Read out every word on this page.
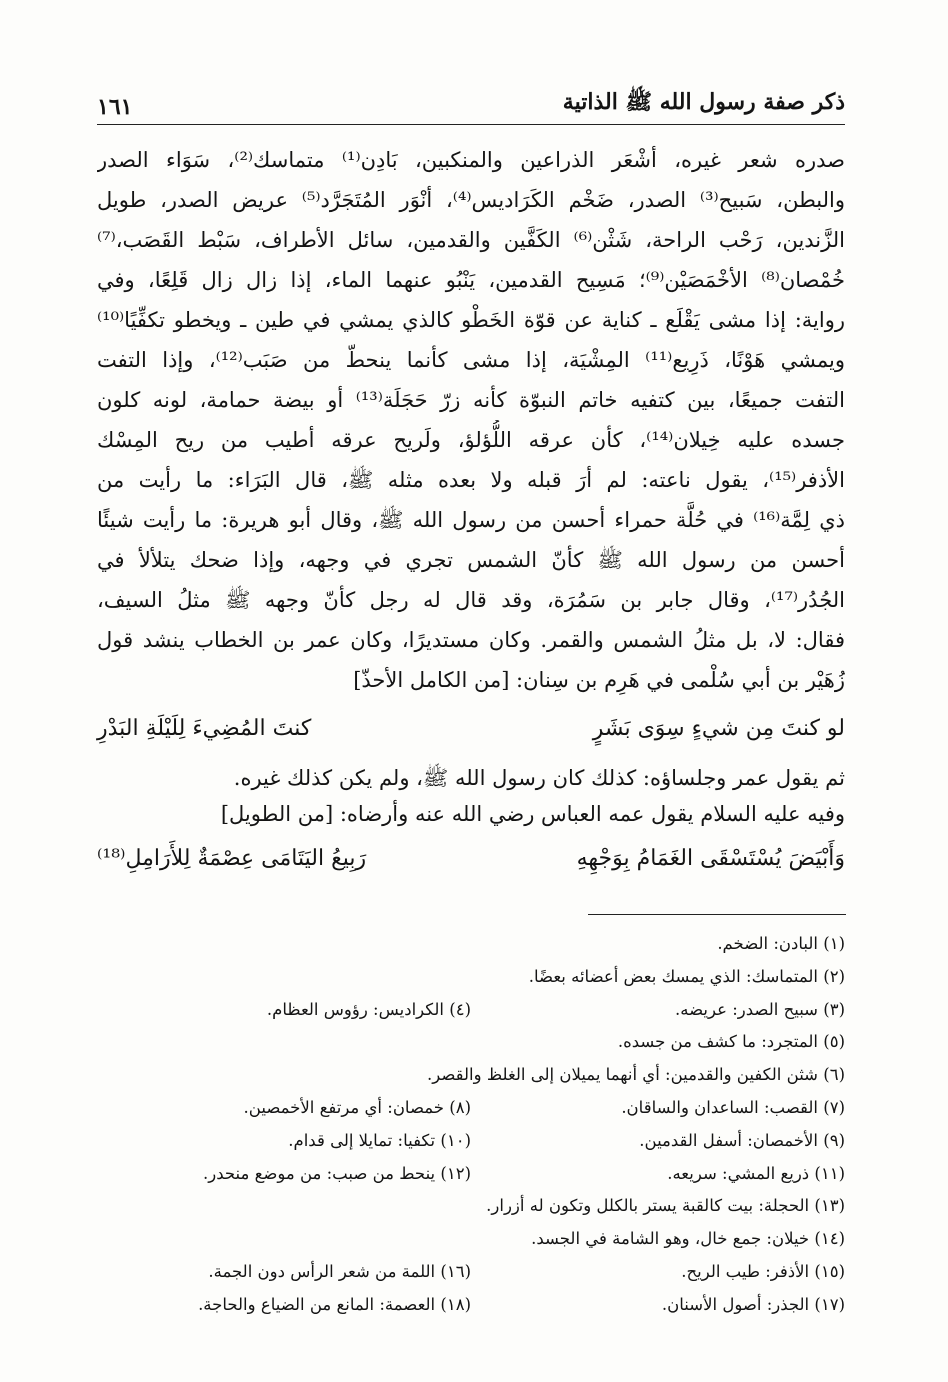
ذكر صفة رسول الله ﷺ الذاتية
١٦١
صدره شعر غيره، أشْعَر الذراعين والمنكبين، بَادِن⁽¹⁾ متماسك⁽²⁾، سَوَاء الصدر
والبطن، سَبيح⁽³⁾ الصدر، ضَخْم الكَرَاديس⁽⁴⁾، أنْوَر المُتَجَرَّد⁽⁵⁾ عريض الصدر، طويل
الزَّندين، رَحْب الراحة، شَثْن⁽⁶⁾ الكَفَّين والقدمين، سائل الأطراف، سَبْط القَصَب،⁽⁷⁾
خُمْصان⁽⁸⁾ الأخْمَصَيْن⁽⁹⁾؛ مَسِيح القدمين، يَنْبُو عنهما الماء، إذا زال زال قَلِعًا، وفي
رواية: إذا مشى يَقْلَع ـ كناية عن قوّة الخَطْو كالذي يمشي في طين ـ ويخطو تكفِّيًا⁽¹⁰⁾
ويمشي هَوْنًا، ذَرِيع⁽¹¹⁾ المِشْيَة، إذا مشى كأنما ينحطّ من صَبَب⁽¹²⁾، وإذا التفت
التفت جميعًا، بين كتفيه خاتم النبوّة كأنه زرّ حَجَلَة⁽¹³⁾ أو بيضة حمامة، لونه كلون
جسده عليه خِيلان⁽¹⁴⁾، كأن عرقه اللُّؤلؤ، ولَريح عرقه أطيب من ريح المِسْك
الأذفر⁽¹⁵⁾، يقول ناعته: لم أرَ قبله ولا بعده مثله ﷺ، قال البَرَاء: ما رأيت من
ذي لِمَّة⁽¹⁶⁾ في حُلَّة حمراء أحسن من رسول الله ﷺ، وقال أبو هريرة: ما رأيت شيئًا
أحسن من رسول الله ﷺ كأنّ الشمس تجري في وجهه، وإذا ضحك يتلألأ في
الجُدُر⁽¹⁷⁾، وقال جابر بن سَمُرَة، وقد قال له رجل كأنّ وجهه ﷺ مثلُ السيف،
فقال: لا، بل مثلُ الشمس والقمر. وكان مستديرًا، وكان عمر بن الخطاب ينشد قول
زُهَيْر بن أبي سُلْمى في هَرِم بن سِنان: [من الكامل الأحذّ]
لو كنتَ مِن شيءٍ سِوَى بَشَرٍ
كنتَ المُضِيءَ لِلَيْلَةِ البَدْرِ
ثم يقول عمر وجلساؤه: كذلك كان رسول الله ﷺ، ولم يكن كذلك غيره.
وفيه عليه السلام يقول عمه العباس رضي الله عنه وأرضاه: [من الطويل]
وَأَبْيَضَ يُسْتَسْقَى الغَمَامُ بِوَجْهِهِ
رَبِيعُ اليَتَامَى عِصْمَةٌ لِلأَرَامِلِ⁽¹⁸⁾
(١) البادن: الضخم.
(٢) المتماسك: الذي يمسك بعض أعضائه بعضًا.
(٣) سبيح الصدر: عريضه.
(٤) الكراديس: رؤوس العظام.
(٥) المتجرد: ما كشف من جسده.
(٦) شثن الكفين والقدمين: أي أنهما يميلان إلى الغلظ والقصر.
(٧) القصب: الساعدان والساقان.
(٨) خمصان: أي مرتفع الأخمصين.
(٩) الأخمصان: أسفل القدمين.
(١٠) تكفيا: تمايلا إلى قدام.
(١١) ذريع المشي: سريعه.
(١٢) ينحط من صبب: من موضع منحدر.
(١٣) الحجلة: بيت كالقبة يستر بالكلل وتكون له أزرار.
(١٤) خيلان: جمع خال، وهو الشامة في الجسد.
(١٥) الأذفر: طيب الريح.
(١٦) اللمة من شعر الرأس دون الجمة.
(١٧) الجذر: أصول الأسنان.
(١٨) العصمة: المانع من الضياع والحاجة.
